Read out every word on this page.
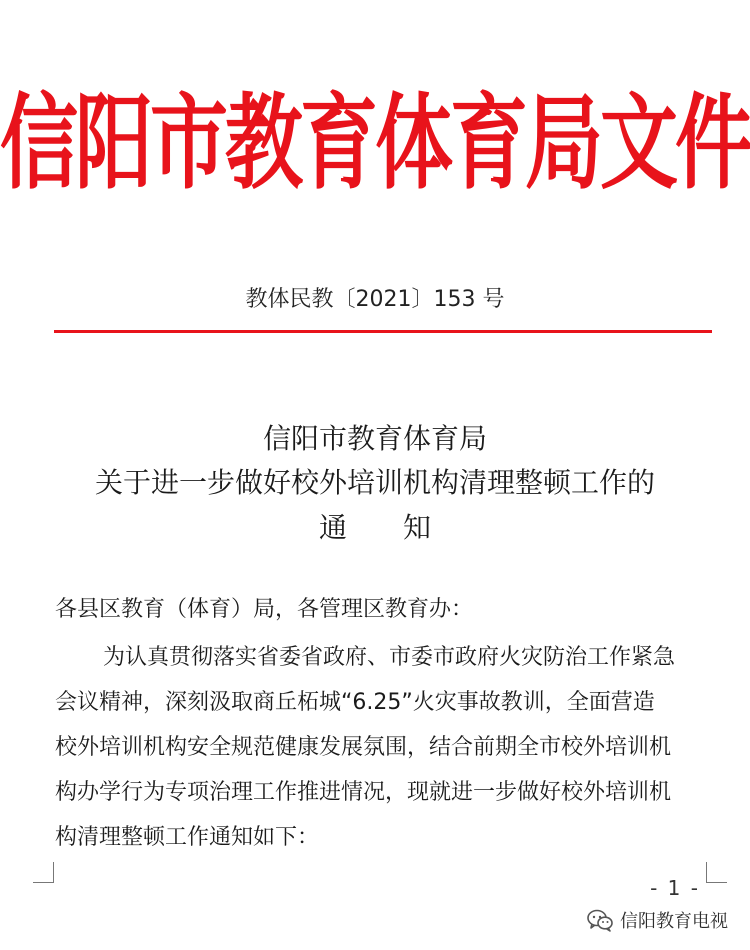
信阳市教育体育局文件
教体民教〔2021〕153 号
信阳市教育体育局
关于进一步做好校外培训机构清理整顿工作的
通 知
各县区教育（体育）局，各管理区教育办：
为认真贯彻落实省委省政府、市委市政府火灾防治工作紧急
会议精神，深刻汲取商丘柘城“6.25”火灾事故教训，全面营造
校外培训机构安全规范健康发展氛围，结合前期全市校外培训机
构办学行为专项治理工作推进情况，现就进一步做好校外培训机
构清理整顿工作通知如下：
- 1 -
信阳教育电视
